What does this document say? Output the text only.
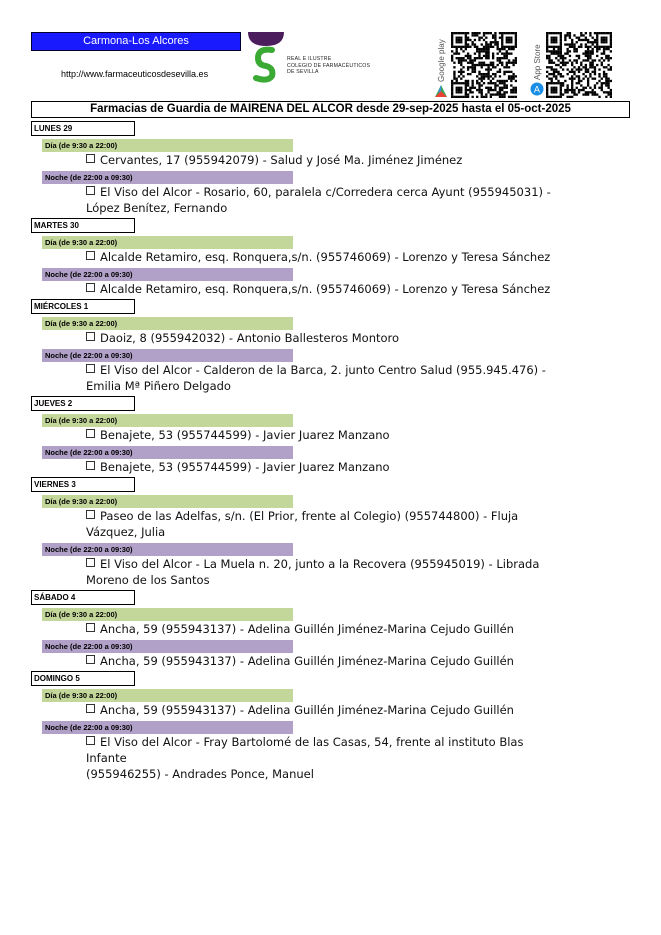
Carmona-Los Alcores
http://www.farmaceuticosdesevilla.es
REAL E ILUSTRE
COLEGIO DE FARMACÉUTICOS
DE SEVILLA	Google play	App Store
A
Farmacias de Guardia de MAIRENA DEL ALCOR desde 29-sep-2025 hasta el 05-oct-2025
LUNES 29
Día (de 9:30 a 22:00)
Cervantes, 17 (955942079) - Salud y José Ma. Jiménez Jiménez
Noche (de 22:00 a 09:30)
El Viso del Alcor - Rosario, 60, paralela c/Corredera cerca Ayunt (955945031) -
López Benítez, Fernando
MARTES 30
Día (de 9:30 a 22:00)
Alcalde Retamiro, esq. Ronquera,s/n. (955746069) - Lorenzo y Teresa Sánchez
Noche (de 22:00 a 09:30)
Alcalde Retamiro, esq. Ronquera,s/n. (955746069) - Lorenzo y Teresa Sánchez
MIÉRCOLES 1
Día (de 9:30 a 22:00)
Daoiz, 8 (955942032) - Antonio Ballesteros Montoro
Noche (de 22:00 a 09:30)
El Viso del Alcor - Calderon de la Barca, 2. junto Centro Salud (955.945.476) -
Emilia Mª Piñero Delgado
JUEVES 2
Día (de 9:30 a 22:00)
Benajete, 53 (955744599) - Javier Juarez Manzano
Noche (de 22:00 a 09:30)
Benajete, 53 (955744599) - Javier Juarez Manzano
VIERNES 3
Día (de 9:30 a 22:00)
Paseo de las Adelfas, s/n. (El Prior, frente al Colegio) (955744800) - Fluja
Vázquez, Julia
Noche (de 22:00 a 09:30)
El Viso del Alcor - La Muela n. 20, junto a la Recovera (955945019) - Librada
Moreno de los Santos
SÁBADO 4
Día (de 9:30 a 22:00)
Ancha, 59 (955943137) - Adelina Guillén Jiménez-Marina Cejudo Guillén
Noche (de 22:00 a 09:30)
Ancha, 59 (955943137) - Adelina Guillén Jiménez-Marina Cejudo Guillén
DOMINGO 5
Día (de 9:30 a 22:00)
Ancha, 59 (955943137) - Adelina Guillén Jiménez-Marina Cejudo Guillén
Noche (de 22:00 a 09:30)
El Viso del Alcor - Fray Bartolomé de las Casas, 54, frente al instituto Blas Infante
(955946255) - Andrades Ponce, Manuel
